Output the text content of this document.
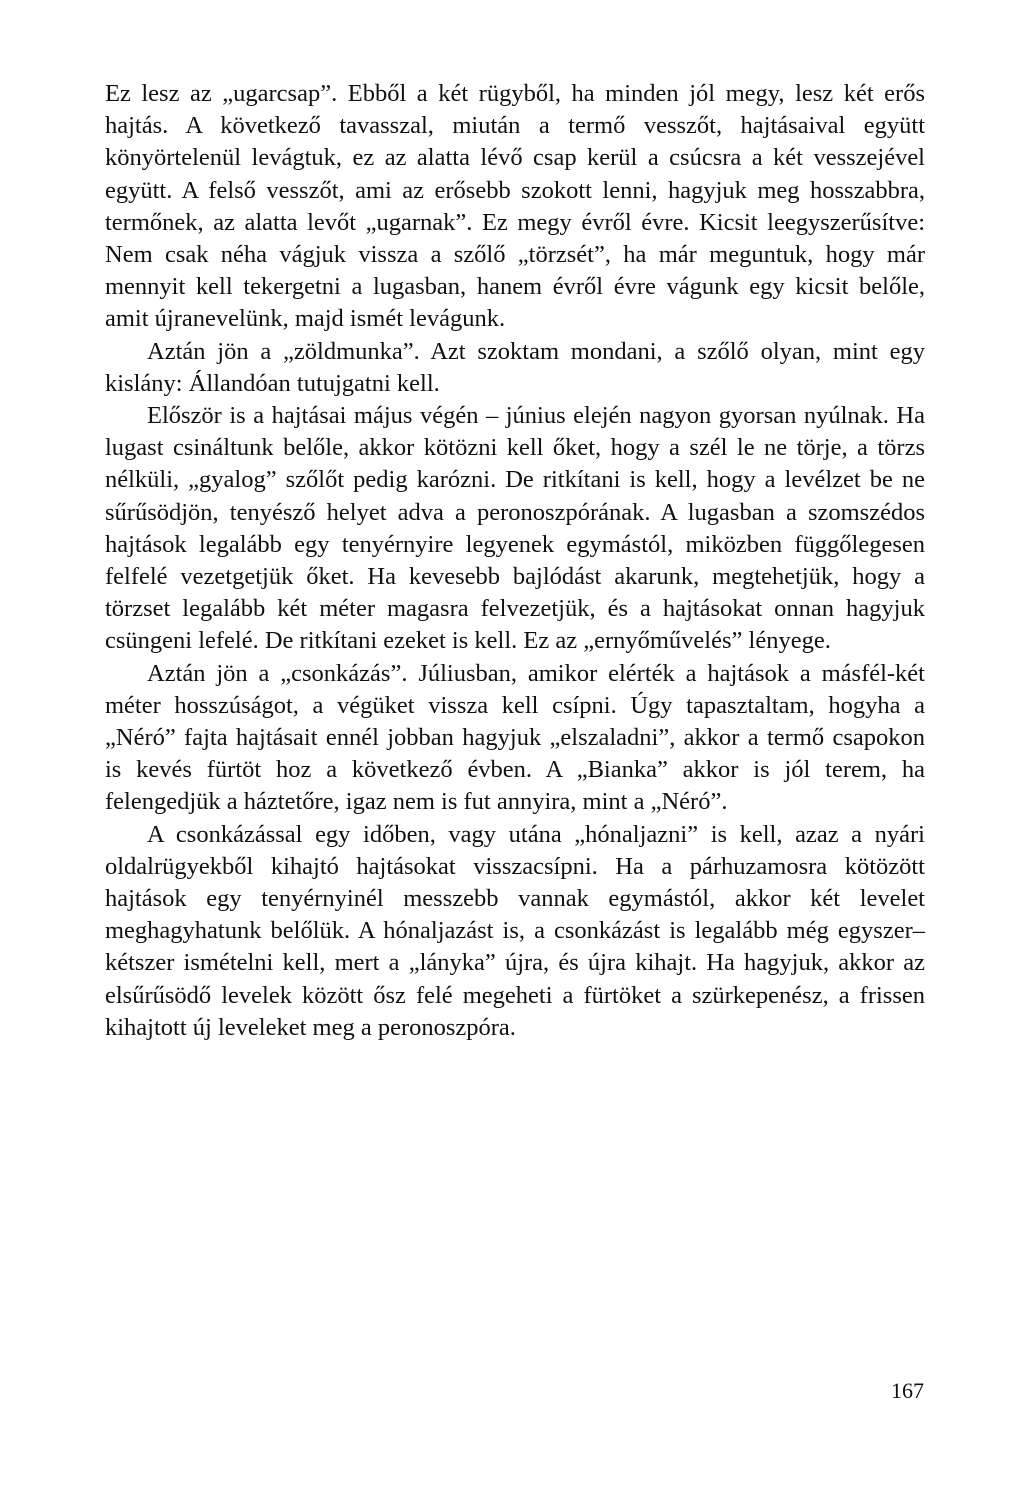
Ez lesz az „ugarcsap”. Ebből a két rügyből, ha minden jól megy, lesz két erős hajtás. A következő tavasszal, miután a termő vesszőt, hajtásaival együtt könyörtelenül levágtuk, ez az alatta lévő csap kerül a csúcsra a két vesszejével együtt. A felső vesszőt, ami az erősebb szokott lenni, hagyjuk meg hosszabbra, termőnek, az alatta levőt „ugarnak”. Ez megy évről évre. Kicsit leegyszerűsítve: Nem csak néha vágjuk vissza a szőlő „törzsét”, ha már meguntuk, hogy már mennyit kell tekergetni a lugasban, hanem évről évre vágunk egy kicsit belőle, amit újranevelünk, majd ismét levágunk.

Aztán jön a „zöldmunka”. Azt szoktam mondani, a szőlő olyan, mint egy kislány: Állandóan tutujgatni kell.

Először is a hajtásai május végén – június elején nagyon gyorsan nyúlnak. Ha lugast csináltunk belőle, akkor kötözni kell őket, hogy a szél le ne törje, a törzs nélküli, „gyalog” szőlőt pedig karózni. De ritkítani is kell, hogy a levélzet be ne sűrűsödjön, tenyésző helyet adva a peronoszpórának. A lugasban a szomszédos hajtások legalább egy tenyérnyire legyenek egymástól, miközben függőlegesen felfelé vezetgetjük őket. Ha kevesebb bajlódást akarunk, megtehetjük, hogy a törzset legalább két méter magasra felvezetjük, és a hajtásokat onnan hagyjuk csüngeni lefelé. De ritkítani ezeket is kell. Ez az „ernyőművelés” lényege.

Aztán jön a „csonkázás”. Júliusban, amikor elérték a hajtások a másfél-két méter hosszúságot, a végüket vissza kell csípni. Úgy tapasztaltam, hogyha a „Néró” fajta hajtásait ennél jobban hagyjuk „elszaladni”, akkor a termő csapokon is kevés fürtöt hoz a következő évben. A „Bianka” akkor is jól terem, ha felengedjük a háztetőre, igaz nem is fut annyira, mint a „Néró”.

A csonkázással egy időben, vagy utána „hónaljazni” is kell, azaz a nyári oldalrügyekből kihajtó hajtásokat visszacsípni. Ha a párhuzamosra kötözött hajtások egy tenyérnyinél messzebb vannak egymástól, akkor két levelet meghagyhatunk belőlük. A hónaljazást is, a csonkázást is legalább még egyszer–kétszer ismételni kell, mert a „lányka” újra, és újra kihajt. Ha hagyjuk, akkor az elsűrűsödő levelek között ősz felé megeheti a fürtöket a szürkepenész, a frissen kihajtott új leveleket meg a peronoszpóra.

167
